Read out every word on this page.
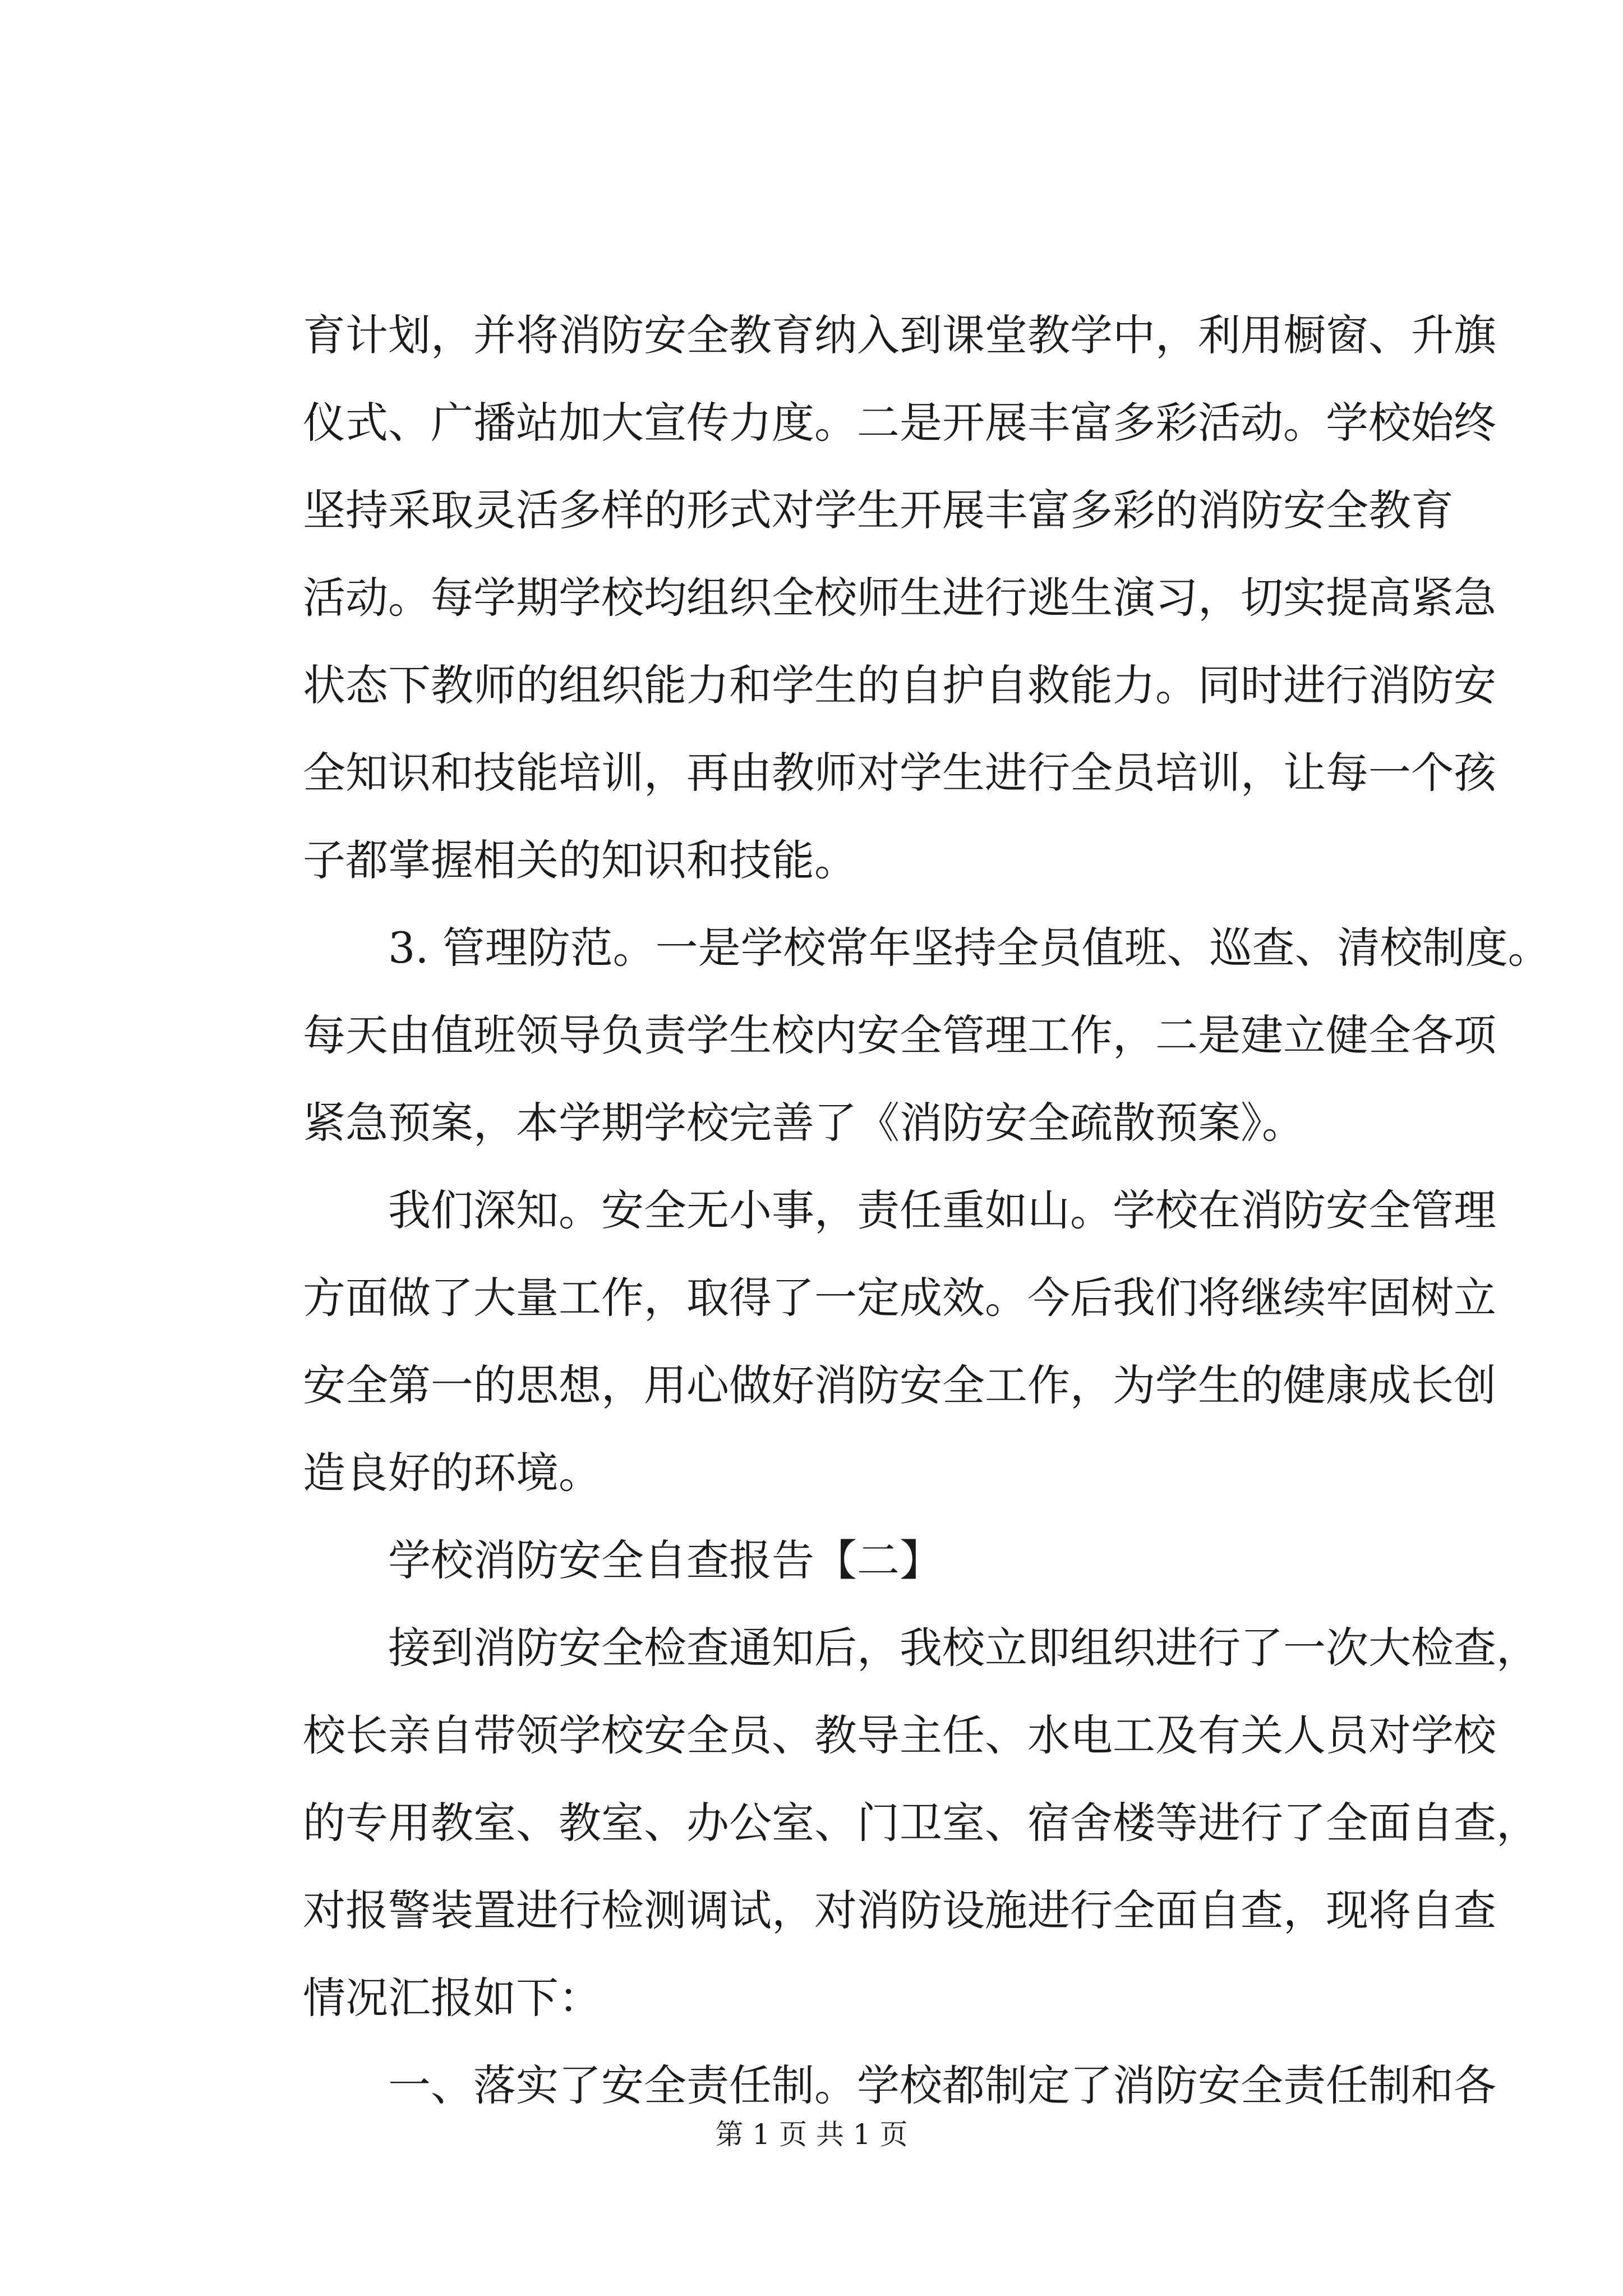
育计划，并将消防安全教育纳入到课堂教学中，利用橱窗、升旗
仪式、广播站加大宣传力度。二是开展丰富多彩活动。学校始终
坚持采取灵活多样的形式对学生开展丰富多彩的消防安全教育
活动。每学期学校均组织全校师生进行逃生演习，切实提高紧急
状态下教师的组织能力和学生的自护自救能力。同时进行消防安
全知识和技能培训，再由教师对学生进行全员培训，让每一个孩
子都掌握相关的知识和技能。
　　3. 管理防范。一是学校常年坚持全员值班、巡查、清校制度。
每天由值班领导负责学生校内安全管理工作，二是建立健全各项
紧急预案，本学期学校完善了《消防安全疏散预案》。
　　我们深知。安全无小事，责任重如山。学校在消防安全管理
方面做了大量工作，取得了一定成效。今后我们将继续牢固树立
安全第一的思想，用心做好消防安全工作，为学生的健康成长创
造良好的环境。
　　学校消防安全自查报告【二】
　　接到消防安全检查通知后，我校立即组织进行了一次大检查，
校长亲自带领学校安全员、教导主任、水电工及有关人员对学校
的专用教室、教室、办公室、门卫室、宿舍楼等进行了全面自查，
对报警装置进行检测调试，对消防设施进行全面自查，现将自查
情况汇报如下：
　　一、落实了安全责任制。学校都制定了消防安全责任制和各
第 1 页 共 1 页
